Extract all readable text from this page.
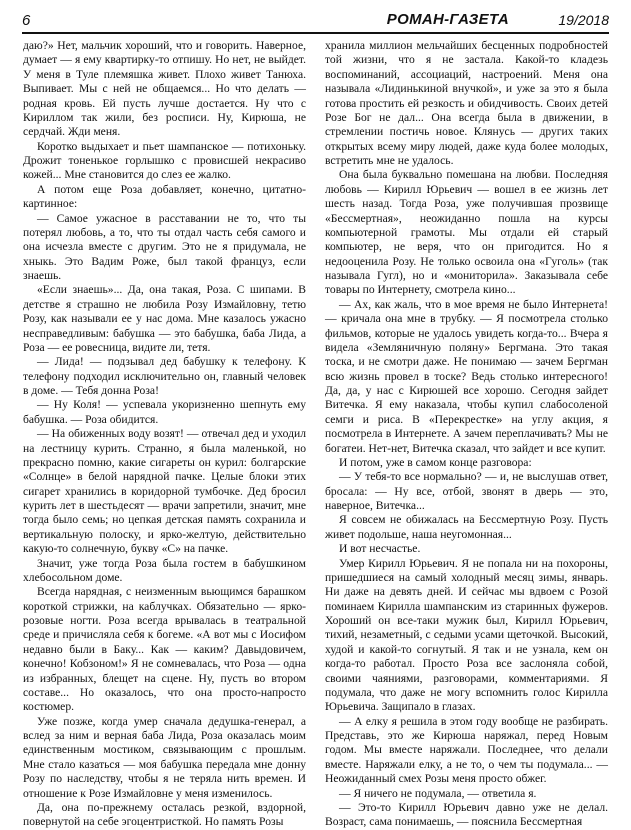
6	РОМАН-ГАЗЕТА	19/2018

даю?» Нет, мальчик хороший, что и говорить. Наверное, думает — я ему квартирку-то отпишу. Но нет, не выйдет. У меня в Туле племяшка живет. Плохо живет Танюха. Выпивает. Мы с ней не общаемся... Но что делать — родная кровь. Ей пусть лучше достается. Ну что с Кириллом так жили, без росписи. Ну, Кирюша, не сердчай. Жди меня.

Коротко выдыхает и пьет шампанское — потихоньку. Дрожит тоненькое горлышко с провисшей некрасиво кожей... Мне становится до слез ее жалко.

А потом еще Роза добавляет, конечно, цитатно-картинное:

— Самое ужасное в расставании не то, что ты потерял любовь, а то, что ты отдал часть себя самого и она исчезла вместе с другим. Это не я придумала, не хныкь. Это Вадим Роже, был такой француз, если знаешь.

«Если знаешь»... Да, она такая, Роза. С шипами. В детстве я страшно не любила Розу Измайловну, тетю Розу, как называли ее у нас дома. Мне казалось ужасно несправедливым: бабушка — это бабушка, баба Лида, а Роза — ее ровесница, видите ли, тетя.

— Лида! — подзывал дед бабушку к телефону. К телефону подходил исключительно он, главный человек в доме. — Тебя донна Роза!

— Ну Коля! — успевала укоризненно шепнуть ему бабушка. — Роза обидится.

— На обиженных воду возят! — отвечал дед и уходил на лестницу курить. Странно, я была маленькой, но прекрасно помню, какие сигареты он курил: болгарские «Солнце» в белой нарядной пачке. Целые блоки этих сигарет хранились в коридорной тумбочке. Дед бросил курить лет в шестьдесят — врачи запретили, значит, мне тогда было семь; но цепкая детская память сохранила и вертикальную полоску, и ярко-желтую, действительно какую-то солнечную, букву «С» на пачке.

Значит, уже тогда Роза была гостем в бабушкином хлебосольном доме.

Всегда нарядная, с неизменным вьющимся барашком короткой стрижки, на каблучках. Обязательно — ярко-розовые ногти. Роза всегда врывалась в театральной среде и причисляла себя к богеме. «А вот мы с Иосифом недавно были в Баку... Как — каким? Давыдовичем, конечно! Кобзоном!» Я не сомневалась, что Роза — одна из избранных, блещет на сцене. Ну, пусть во втором составе... Но оказалось, что она просто-напросто костюмер.

Уже позже, когда умер сначала дедушка-генерал, а вслед за ним и верная баба Лида, Роза оказалась моим единственным мостиком, связывающим с прошлым. Мне стало казаться — моя бабушка передала мне донну Розу по наследству, чтобы я не теряла нить времен. И отношение к Розе Измайловне у меня изменилось.

Да, она по-прежнему осталась резкой, вздорной, повернутой на себе эгоцентристкой. Но память Розы

хранила миллион мельчайших бесценных подробностей той жизни, что я не застала. Какой-то кладезь воспоминаний, ассоциаций, настроений. Меня она называла «Лидинькиной внучкой», и уже за это я была готова простить ей резкость и обидчивость. Своих детей Розе Бог не дал... Она всегда была в движении, в стремлении постичь новое. Клянусь — других таких открытых всему миру людей, даже куда более молодых, встретить мне не удалось.

Она была буквально помешана на любви. Последняя любовь — Кирилл Юрьевич — вошел в ее жизнь лет шесть назад. Тогда Роза, уже получившая прозвище «Бессмертная», неожиданно пошла на курсы компьютерной грамоты. Мы отдали ей старый компьютер, не веря, что он пригодится. Но я недооценила Розу. Не только освоила она «Гуголь» (так называла Гугл), но и «мониторила». Заказывала себе товары по Интернету, смотрела кино...

— Ах, как жаль, что в мое время не было Интернета! — кричала она мне в трубку. — Я посмотрела столько фильмов, которые не удалось увидеть когда-то... Вчера я видела «Земляничную поляну» Бергмана. Это такая тоска, и не смотри даже. Не понимаю — зачем Бергман всю жизнь провел в тоске? Ведь столько интересного! Да, да, у нас с Кирюшей все хорошо. Сегодня зайдет Витечка. Я ему наказала, чтобы купил слабосоленой семги и риса. В «Перекрестке» на углу акция, я посмотрела в Интернете. А зачем переплачивать? Мы не богатеи. Нет-нет, Витечка сказал, что зайдет и все купит.

И потом, уже в самом конце разговора:

— У тебя-то все нормально? — и, не выслушав ответ, бросала: — Ну все, отбой, звонят в дверь — это, наверное, Витечка...

Я совсем не обижалась на Бессмертную Розу. Пусть живет подольше, наша неугомонная...

И вот несчастье.

Умер Кирилл Юрьевич. Я не попала ни на похороны, пришедшиеся на самый холодный месяц зимы, январь. Ни даже на девять дней. И сейчас мы вдвоем с Розой поминаем Кирилла шампанским из старинных фужеров. Хороший он все-таки мужик был, Кирилл Юрьевич, тихий, незаметный, с седыми усами щеточкой. Высокий, худой и какой-то согнутый. Я так и не узнала, кем он когда-то работал. Просто Роза все заслоняла собой, своими чаяниями, разговорами, комментариями. Я подумала, что даже не могу вспомнить голос Кирилла Юрьевича. Защипало в глазах.

— А елку я решила в этом году вообще не разбирать. Представь, это же Кирюша наряжал, перед Новым годом. Мы вместе наряжали. Последнее, что делали вместе. Наряжали елку, а не то, о чем ты подумала... — Неожиданный смех Розы меня просто обжег.

— Я ничего не подумала, — ответила я.

— Это-то Кирилл Юрьевич давно уже не делал. Возраст, сама понимаешь, — пояснила Бессмертная
